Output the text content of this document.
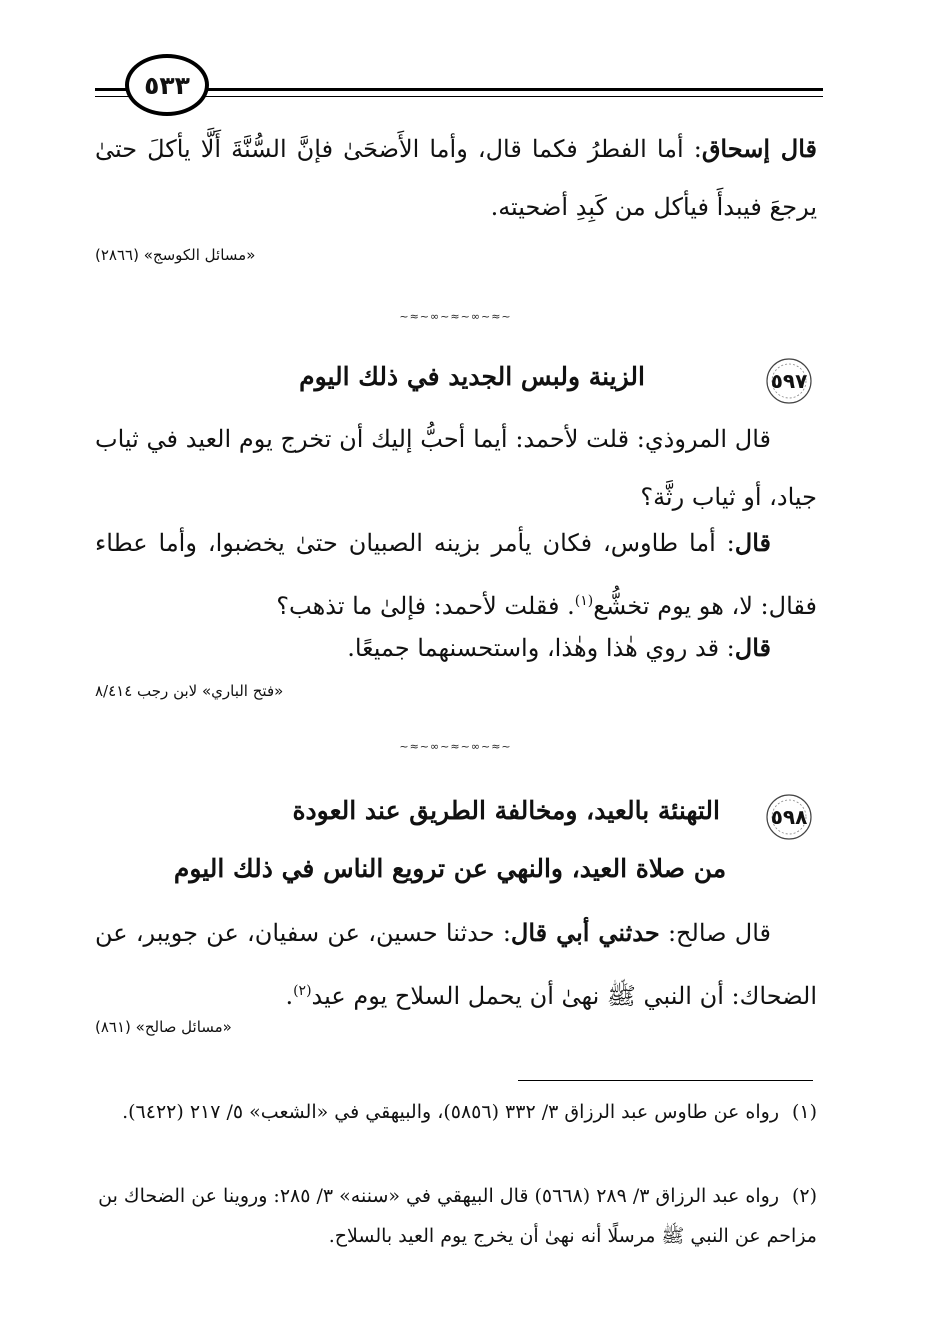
٥٣٣
قال إسحاق: أما الفطرُ فكما قال، وأما الأَضحَىٰ فإنَّ السُّنَّةَ أَلَّا يأكلَ حتىٰ يرجعَ فيبدأَ فيأكل من كَبِدِ أضحيته.
«مسائل الكوسج» (٢٨٦٦)
~≈~∞~≈~∞~≈~
٥٩٧
الزينة ولبس الجديد في ذلك اليوم
قال المروذي: قلت لأحمد: أيما أحبُّ إليك أن تخرج يوم العيد في ثياب جياد، أو ثياب رثَّة؟
قال: أما طاوس، فكان يأمر بزينه الصبيان حتىٰ يخضبوا، وأما عطاء فقال: لا، هو يوم تخشُّع$^{(١)}$. فقلت لأحمد: فإلىٰ ما تذهب؟
قال: قد روي هٰذا وهٰذا، واستحسنهما جميعًا.
«فتح الباري» لابن رجب ٨/٤١٤
~≈~∞~≈~∞~≈~
٥٩٨
التهنئة بالعيد، ومخالفة الطريق عند العودة
من صلاة العيد، والنهي عن ترويع الناس في ذلك اليوم
قال صالح: حدثني أبي قال: حدثنا حسين، عن سفيان، عن جويبر، عن الضحاك: أن النبي ﷺ نهىٰ أن يحمل السلاح يوم عيد$^{(٢)}$.
«مسائل صالح» (٨٦١)
(١)رواه عن طاوس عبد الرزاق ٣/ ٣٣٢ (٥٨٥٦)، والبيهقي في «الشعب» ٥/ ٢١٧ (٦٤٢٢).
(٢)رواه عبد الرزاق ٣/ ٢٨٩ (٥٦٦٨) قال البيهقي في «سننه» ٣/ ٢٨٥: وروينا عن الضحاك بن مزاحم عن النبي ﷺ مرسلًا أنه نهىٰ أن يخرج يوم العيد بالسلاح.
